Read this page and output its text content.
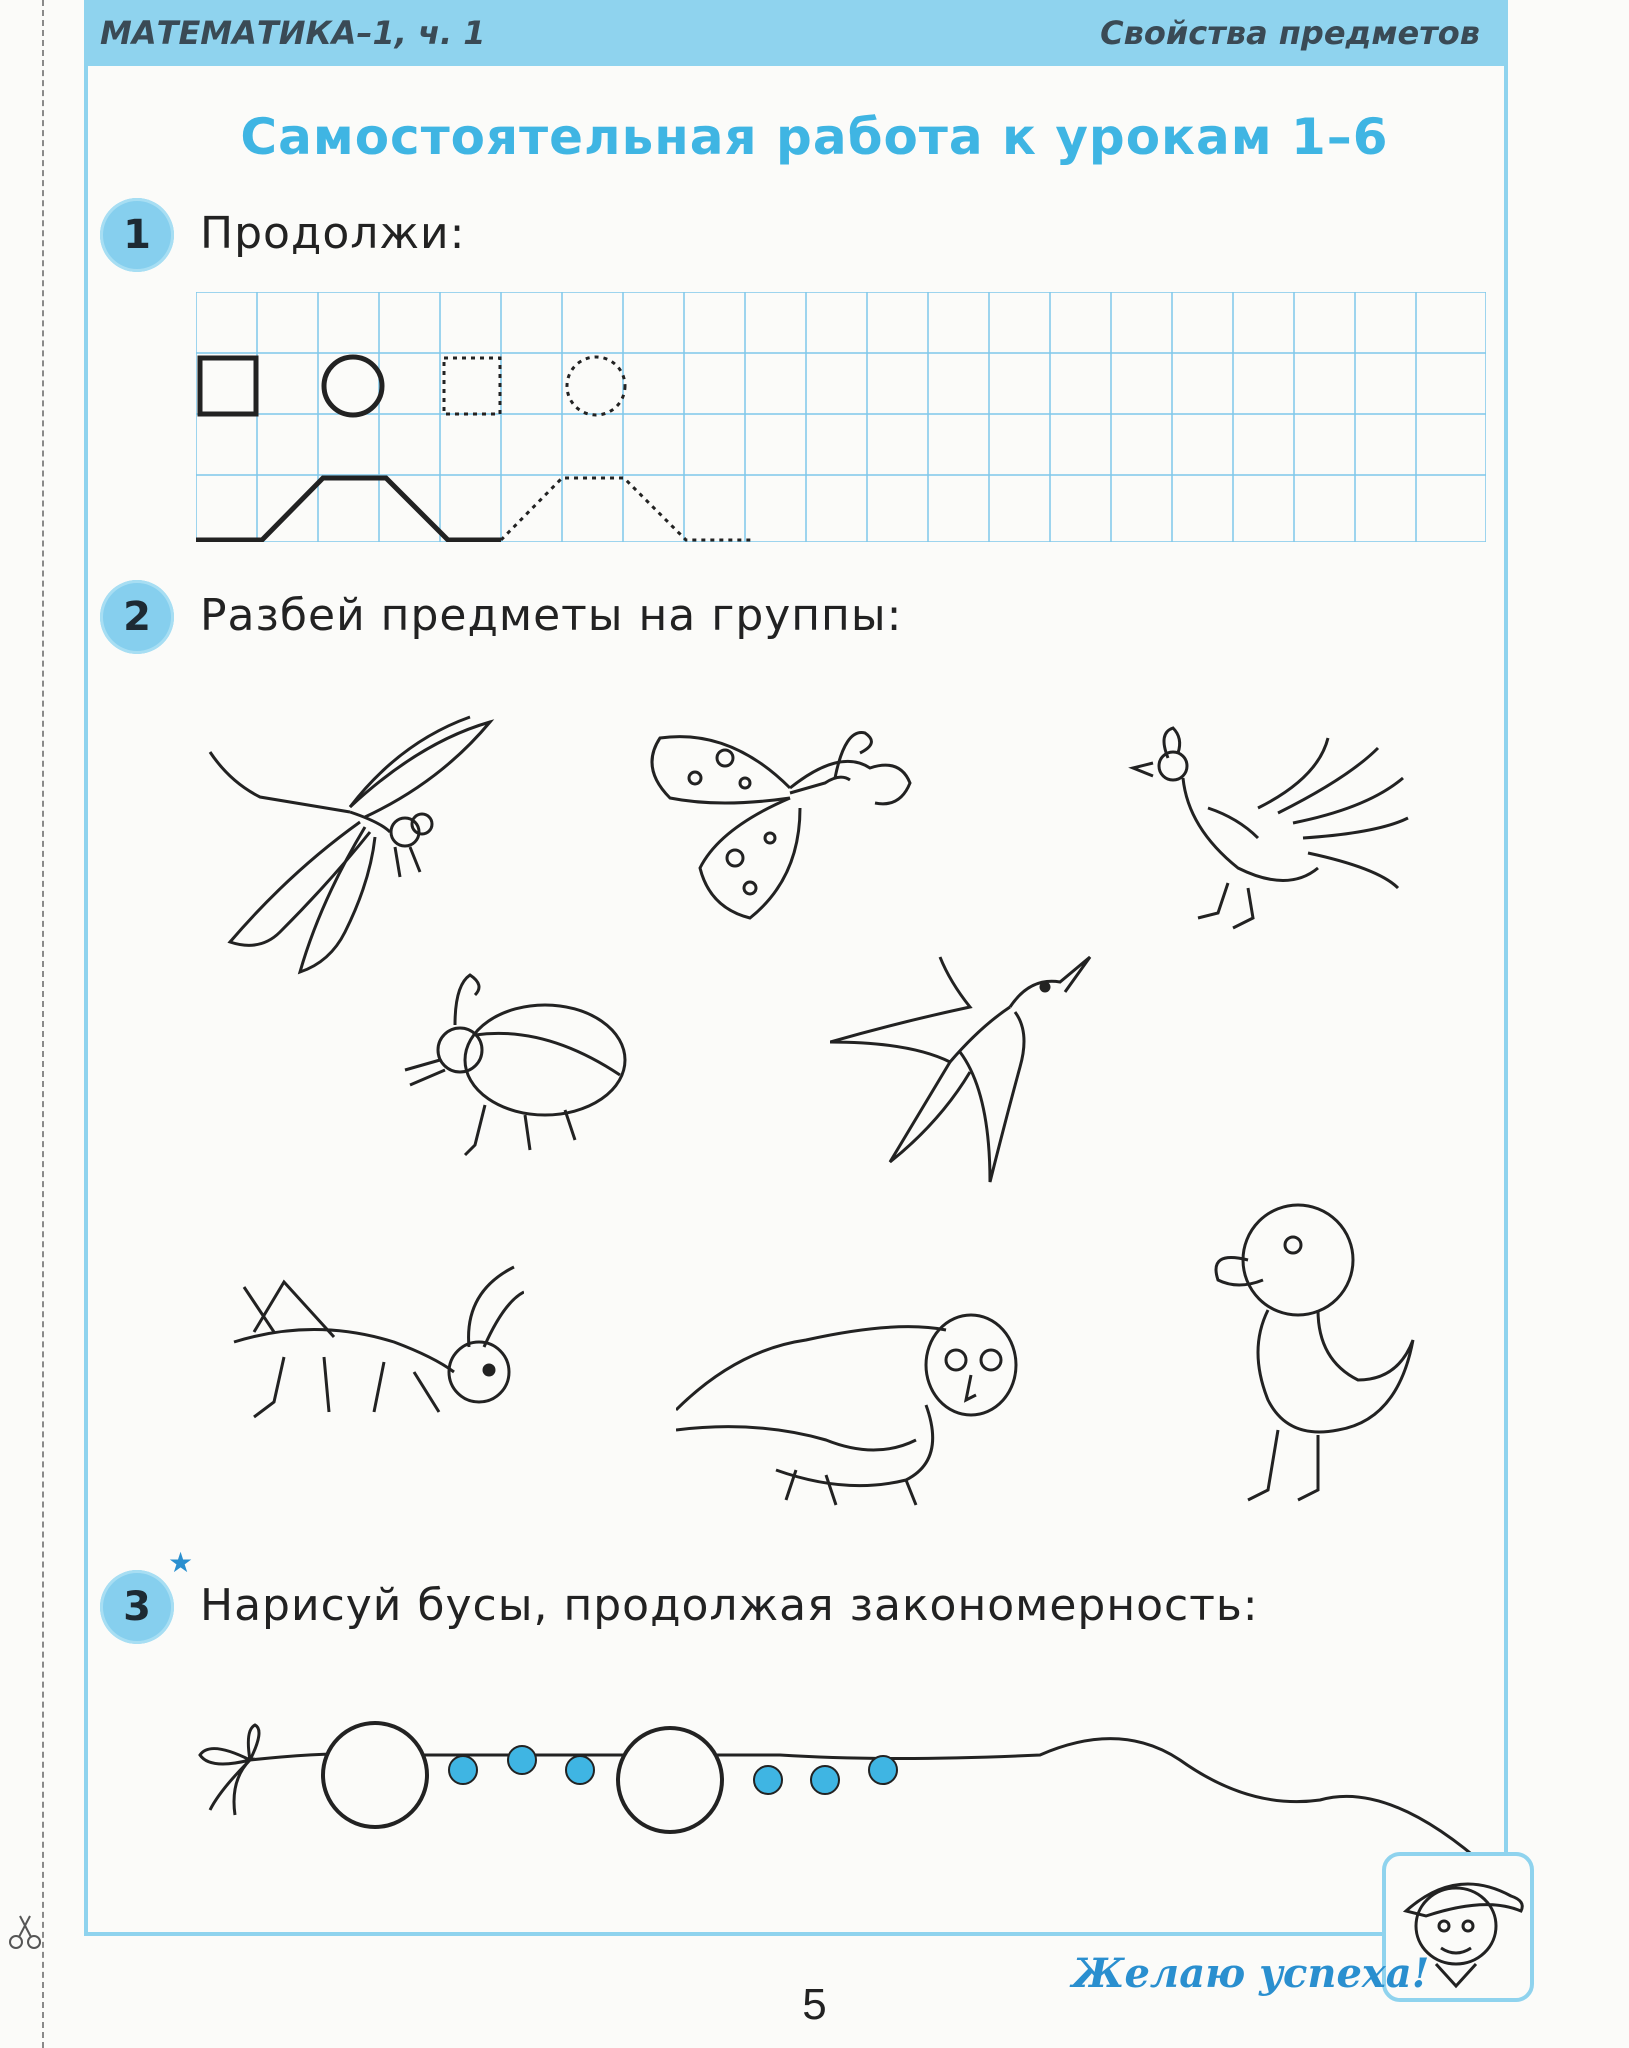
МАТЕМАТИКА–1, ч. 1	Свойства предметов
Самостоятельная работа к урокам 1–6
1	Продолжи:
2	Разбей предметы на группы:
3
★
Нарисуй бусы, продолжая закономерность:
Желаю успеха!
5
